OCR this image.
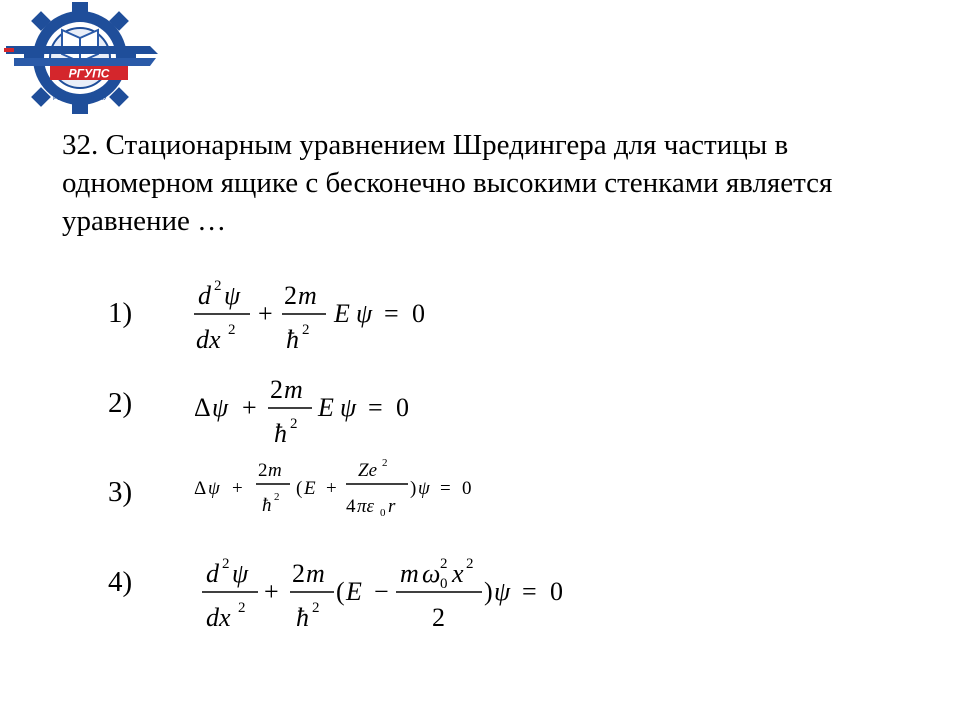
РГУПС
РОСТОВ-НА-ДОНУ

32. Стационарным уравнением Шредингера для частицы в одномерном ящике с бесконечно высокими стенками является уравнение …

1)
2)
3)
4)
d 2 ψ
dx 2
+
2 m
ħ 2
E ψ = 0
Δ ψ +
2 m
ħ 2
E ψ = 0
Δ ψ +
2 m
ħ 2 ( E +
Ze 2
4 πε 0 r
) ψ = 0
d 2 ψ
dx 2
+
2 m
ħ 2
( E −
m ω 2
0 x 2
2
) ψ = 0
